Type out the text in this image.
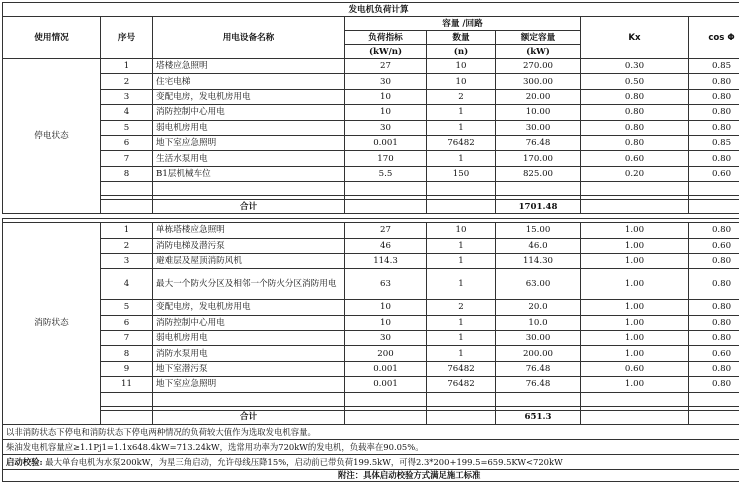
发电机负荷计算							
使用情况	序号	用电设备名称	容量 /回路			Kx	cos Φ
			负荷指标	数量	额定容量		
			(kW/n)	(n)	(kW)		
停电状态	1	塔楼应急照明	27	10	270.00	0.30	0.85
	2	住宅电梯	30	10	300.00	0.50	0.80
	3	变配电房，发电机房用电	10	2	20.00	0.80	0.80
	4	消防控制中心用电	10	1	10.00	0.80	0.80
	5	弱电机房用电	30	1	30.00	0.80	0.80
	6	地下室应急照明	0.001	76482	76.48	0.80	0.85
	7	生活水泵用电	170	1	170.00	0.60	0.80
	8	B1层机械车位	5.5	150	825.00	0.20	0.60

		合计			1701.48		

消防状态	1	单栋塔楼应急照明	27	10	15.00	1.00	0.80
	2	消防电梯及潜污泵	46	1	46.0	1.00	0.60
	3	避难层及屋顶消防风机	114.3	1	114.30	1.00	0.80
	4	最大一个防火分区及相邻一个防火分区消防用电	63	1	63.00	1.00	0.80
	5	变配电房，发电机房用电	10	2	20.0	1.00	0.80
	6	消防控制中心用电	10	1	10.0	1.00	0.80
	7	弱电机房用电	30	1	30.00	1.00	0.80
	8	消防水泵用电	200	1	200.00	1.00	0.60
	9	地下室潜污泵	0.001	76482	76.48	0.60	0.80
	11	地下室应急照明	0.001	76482	76.48	1.00	0.80

		合计			651.3		
以非消防状态下停电和消防状态下停电两种情况的负荷较大值作为选取发电机容量。							
柴油发电机容量应≥1.1Pj1=1.1x648.4kW=713.24kW，选常用功率为720kW的发电机，负载率在90.05%。							
启动校验: 最大单台电机为水泵200kW，为星三角启动，允许母线压降15%，启动前已带负荷199.5kW，可得2.3*200+199.5=659.5KW<720kW							
附注：具体启动校验方式满足施工标准							
